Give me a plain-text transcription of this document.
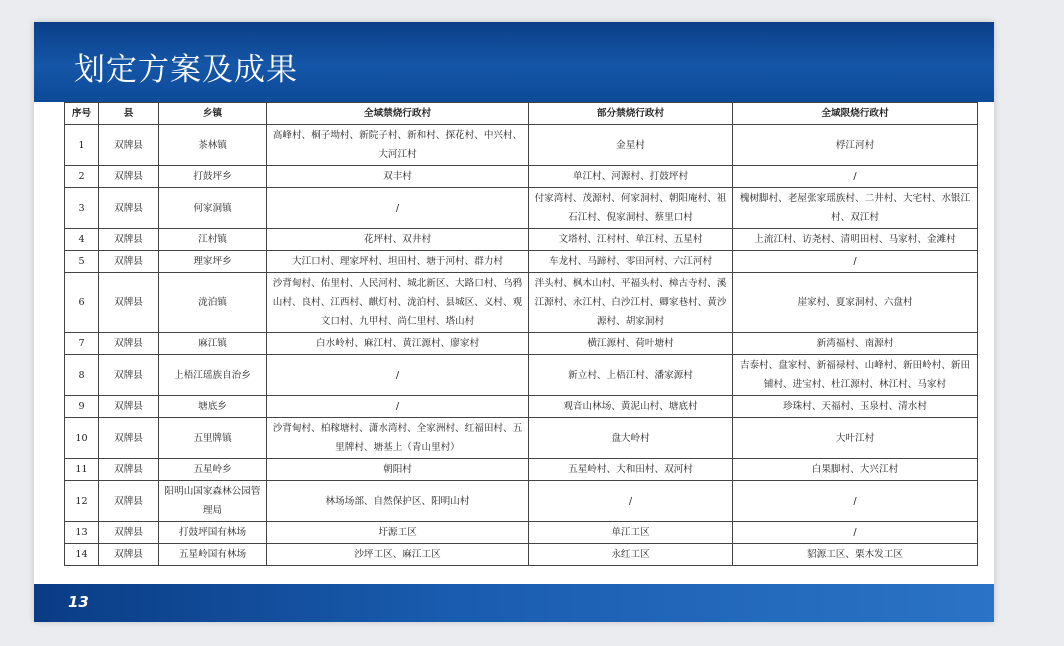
划定方案及成果
序号	县	乡镇	全域禁烧行政村	部分禁烧行政村	全域限烧行政村
1	双牌县	茶林镇	高峰村、桐子坳村、新院子村、新和村、探花村、中兴村、大河江村	金星村	桴江河村
2	双牌县	打鼓坪乡	双丰村	单江村、河源村、打鼓坪村	/
3	双牌县	何家洞镇	/	付家湾村、茂源村、何家洞村、朝阳庵村、祖石江村、倪家洞村、蔡里口村	槐树脚村、老屋张家瑶族村、二井村、大宅村、水银江村、双江村
4	双牌县	江村镇	花坪村、双井村	文塔村、江村村、单江村、五星村	上流江村、访尧村、清明田村、马家村、金滩村
5	双牌县	理家坪乡	大江口村、理家坪村、坦田村、塘于河村、群力村	车龙村、马蹄村、零田河村、六江河村	/
6	双牌县	泷泊镇	沙背甸村、佑里村、人民河村、城北新区、大路口村、乌鸦山村、良村、江西村、麒灯村、泷泊村、县城区、义村、观文口村、九甲村、尚仁里村、塔山村	泮头村、枫木山村、平福头村、樟古寺村、溪江源村、永江村、白沙江村、卿家巷村、黄沙源村、胡家洞村	崖家村、夏家洞村、六盘村
7	双牌县	麻江镇	白水岭村、麻江村、黄江源村、廖家村	横江源村、荷叶塘村	新湾福村、南源村
8	双牌县	上梧江瑶族自治乡	/	新立村、上梧江村、潘家源村	吉泰村、盘家村、新福禄村、山峰村、新田岭村、新田铺村、进宝村、杜江源村、林江村、马家村
9	双牌县	塘底乡	/	观音山林场、黄泥山村、塘底村	珍珠村、天福村、玉泉村、清水村
10	双牌县	五里牌镇	沙背甸村、柏稼塘村、潇水湾村、全家洲村、红福田村、五里牌村、塘基上（青山里村）	盘大岭村	大叶江村
11	双牌县	五星岭乡	朝阳村	五星岭村、大和田村、双河村	白果脚村、大兴江村
12	双牌县	阳明山国家森林公园管理局	林场场部、自然保护区、阳明山村	/	/
13	双牌县	打鼓坪国有林场	圩源工区	单江工区	/
14	双牌县	五星岭国有林场	沙坪工区、麻江工区	永红工区	貂源工区、栗木发工区
13
